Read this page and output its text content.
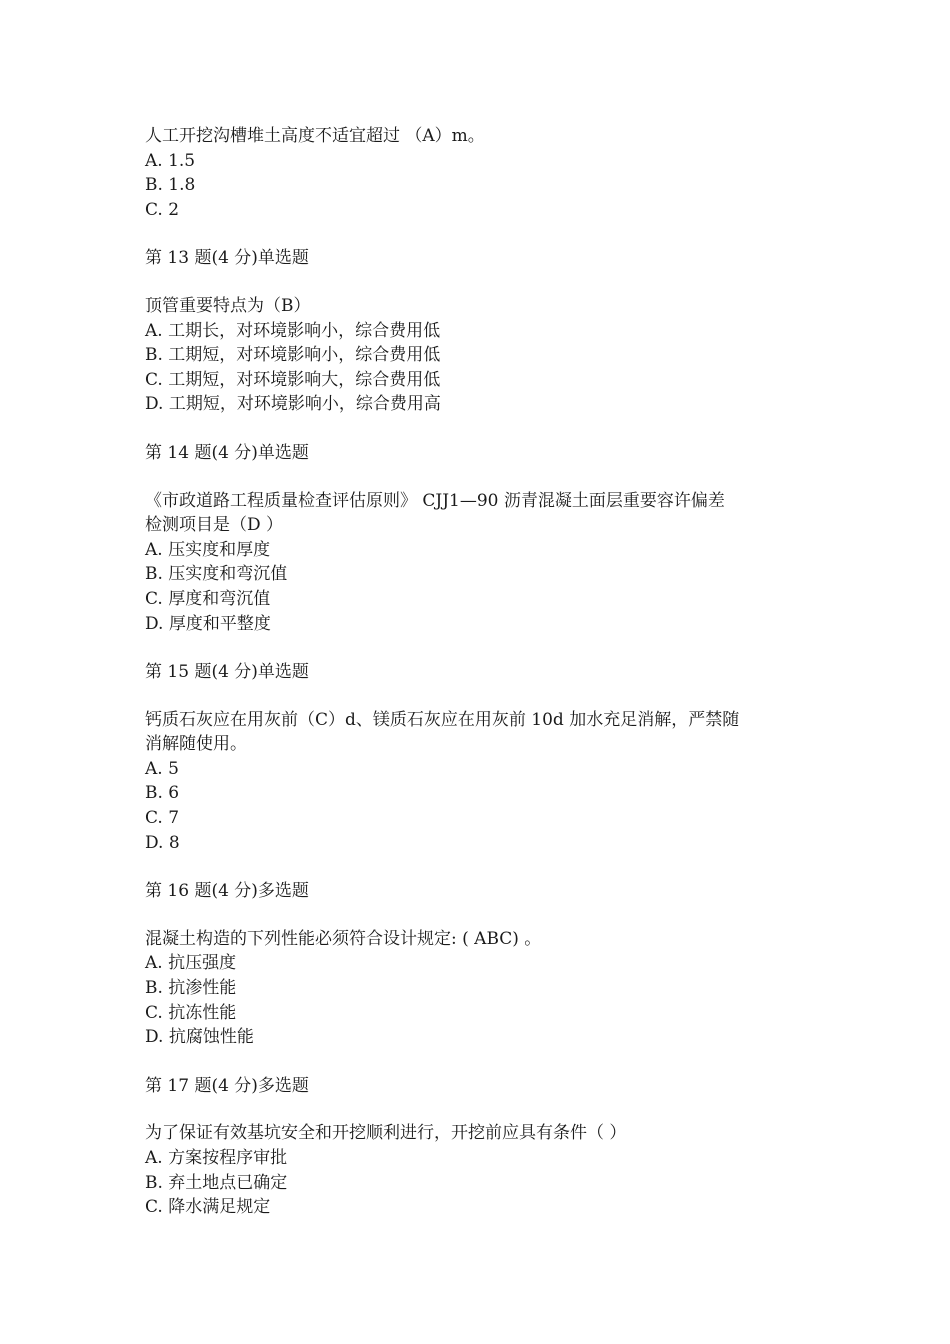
人工开挖沟槽堆土高度不适宜超过 （A）m。

A. 1.5

B. 1.8

C. 2

第 13 题(4 分)单选题

顶管重要特点为（B）

A. 工期长，对环境影响小，综合费用低

B. 工期短，对环境影响小，综合费用低

C. 工期短，对环境影响大，综合费用低

D. 工期短，对环境影响小，综合费用高

第 14 题(4 分)单选题

《市政道路工程质量检查评估原则》 CJJ1—90 沥青混凝土面层重要容许偏差

检测项目是（D ）

A. 压实度和厚度

B. 压实度和弯沉值

C. 厚度和弯沉值

D. 厚度和平整度

第 15 题(4 分)单选题

钙质石灰应在用灰前（C）d、镁质石灰应在用灰前 10d 加水充足消解，严禁随

消解随使用。

A. 5

B. 6

C. 7

D. 8

第 16 题(4 分)多选题

混凝土构造的下列性能必须符合设计规定: ( ABC) 。

A. 抗压强度

B. 抗渗性能

C. 抗冻性能

D. 抗腐蚀性能

第 17 题(4 分)多选题

为了保证有效基坑安全和开挖顺利进行，开挖前应具有条件（ ）

A. 方案按程序审批

B. 弃土地点已确定

C. 降水满足规定
